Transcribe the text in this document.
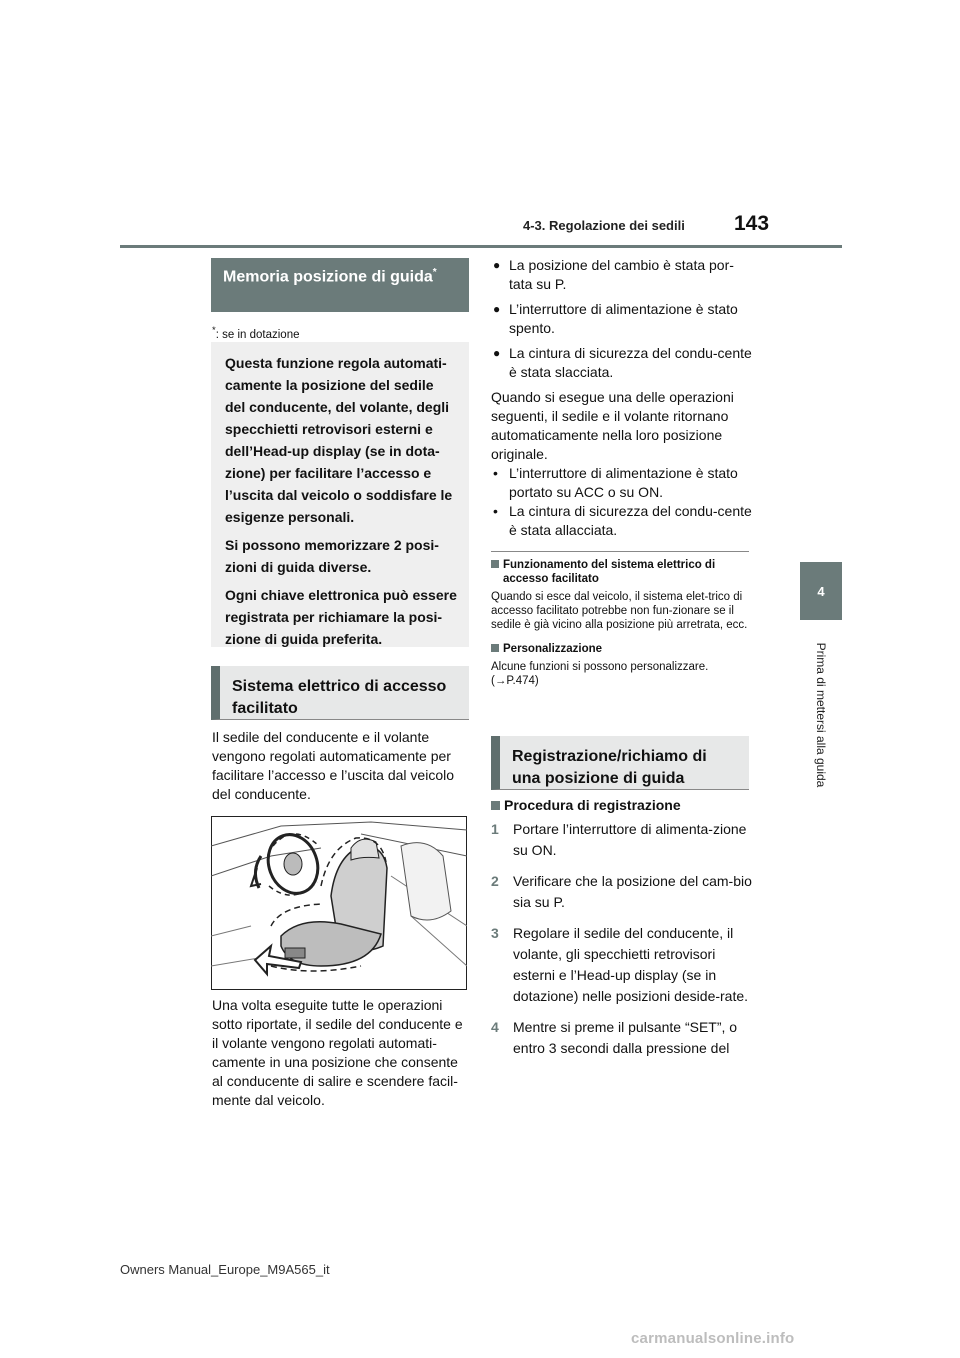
4-3. Regolazione dei sedili 143
4
Prima di mettersi alla guida
Memoria posizione di guida*
*: se in dotazione

Questa funzione regola automati-camente la posizione del sedile del conducente, del volante, degli specchietti retrovisori esterni e dell’Head-up display (se in dota-zione) per facilitare l’accesso e l’uscita dal veicolo o soddisfare le esigenze personali.

Si possono memorizzare 2 posi-zioni di guida diverse.

Ogni chiave elettronica può essere registrata per richiamare la posi-zione di guida preferita.

Sistema elettrico di accesso facilitato

Il sedile del conducente e il volante vengono regolati automaticamente per facilitare l’accesso e l’uscita dal veicolo del conducente.

Una volta eseguite tutte le operazioni sotto riportate, il sedile del conducente e il volante vengono regolati automati-camente in una posizione che consente al conducente di salire e scendere facil-mente dal veicolo.

● La posizione del cambio è stata por-tata su P.
● L’interruttore di alimentazione è stato spento.
● La cintura di sicurezza del condu-cente è stata slacciata.

Quando si esegue una delle operazioni seguenti, il sedile e il volante ritornano automaticamente nella loro posizione originale.

• L’interruttore di alimentazione è stato portato su ACC o su ON.
• La cintura di sicurezza del condu-cente è stata allacciata.
Funzionamento del sistema elettrico di accesso facilitato
Quando si esce dal veicolo, il sistema elet-trico di accesso facilitato potrebbe non fun-zionare se il sedile è già vicino alla posizione più arretrata, ecc.
Personalizzazione
Alcune funzioni si possono personalizzare.
(→P.474)
Registrazione/richiamo di una posizione di guida
Procedura di registrazione
1 Portare l’interruttore di alimenta-zione su ON.
2 Verificare che la posizione del cam-bio sia su P.
3 Regolare il sedile del conducente, il volante, gli specchietti retrovisori esterni e l’Head-up display (se in dotazione) nelle posizioni deside-rate.
4 Mentre si preme il pulsante “SET”, o entro 3 secondi dalla pressione del
Owners Manual_Europe_M9A565_it
carmanualsonline.info
